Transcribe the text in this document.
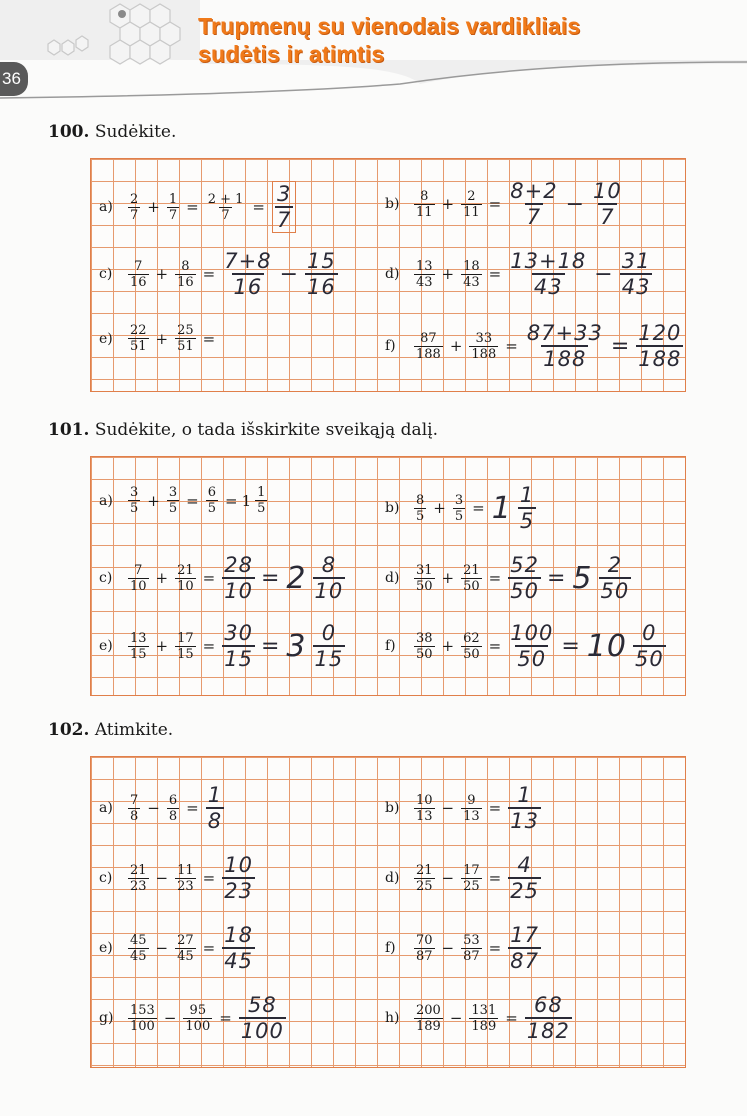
36
Trupmenų su vienodais vardikliais
sudėtis ir atimtis
100. Sudėkite.
a)	$\frac{2}{7} + \frac{1}{7} = \frac{2 + 1}{7} = \frac{3}{7}$	b)	$\frac{8}{11} + \frac{2}{11} = \frac{8+2}{7} - \frac{10}{7}$
c)	$\frac{7}{16} + \frac{8}{16} = \frac{7+8}{16} - \frac{15}{16}$	d)	$\frac{13}{43} + \frac{18}{43} = \frac{13+18}{43} - \frac{31}{43}$
e)	$\frac{22}{51} + \frac{25}{51}$ =	f)	$\frac{87}{188} + \frac{33}{188} = \frac{87+33}{188} = \frac{120}{188}$
101. Sudėkite, o tada išskirkite sveikąją dalį.
a)	$\frac{3}{5} + \frac{3}{5} = \frac{6}{5} = 1 \frac{1}{5}$	b)	$\frac{8}{5} + \frac{3}{5} = 1 \frac{1}{5}$
c)	$\frac{7}{10} + \frac{21}{10} = \frac{28}{10} = 2 \frac{8}{10}$	d)	$\frac{31}{50} + \frac{21}{50} = \frac{52}{50} = 5 \frac{2}{50}$
e)	$\frac{13}{15} + \frac{17}{15} = \frac{30}{15} = 3 \frac{0}{15}$	f)	$\frac{38}{50} + \frac{62}{50} = \frac{100}{50} = 10 \frac{0}{50}$
102. Atimkite.
a)	$\frac{7}{8} - \frac{6}{8} = \frac{1}{8}$	b)	$\frac{10}{13} - \frac{9}{13} = \frac{1}{13}$
c)	$\frac{21}{23} - \frac{11}{23} = \frac{10}{23}$	d)	$\frac{21}{25} - \frac{17}{25} = \frac{4}{25}$
e)	$\frac{45}{45} - \frac{27}{45} = \frac{18}{45}$	f)	$\frac{70}{87} - \frac{53}{87} = \frac{17}{87}$
g)	$\frac{153}{100} - \frac{95}{100} = \frac{58}{100}$	h)	$\frac{200}{189} - \frac{131}{189} = \frac{68}{182}$
